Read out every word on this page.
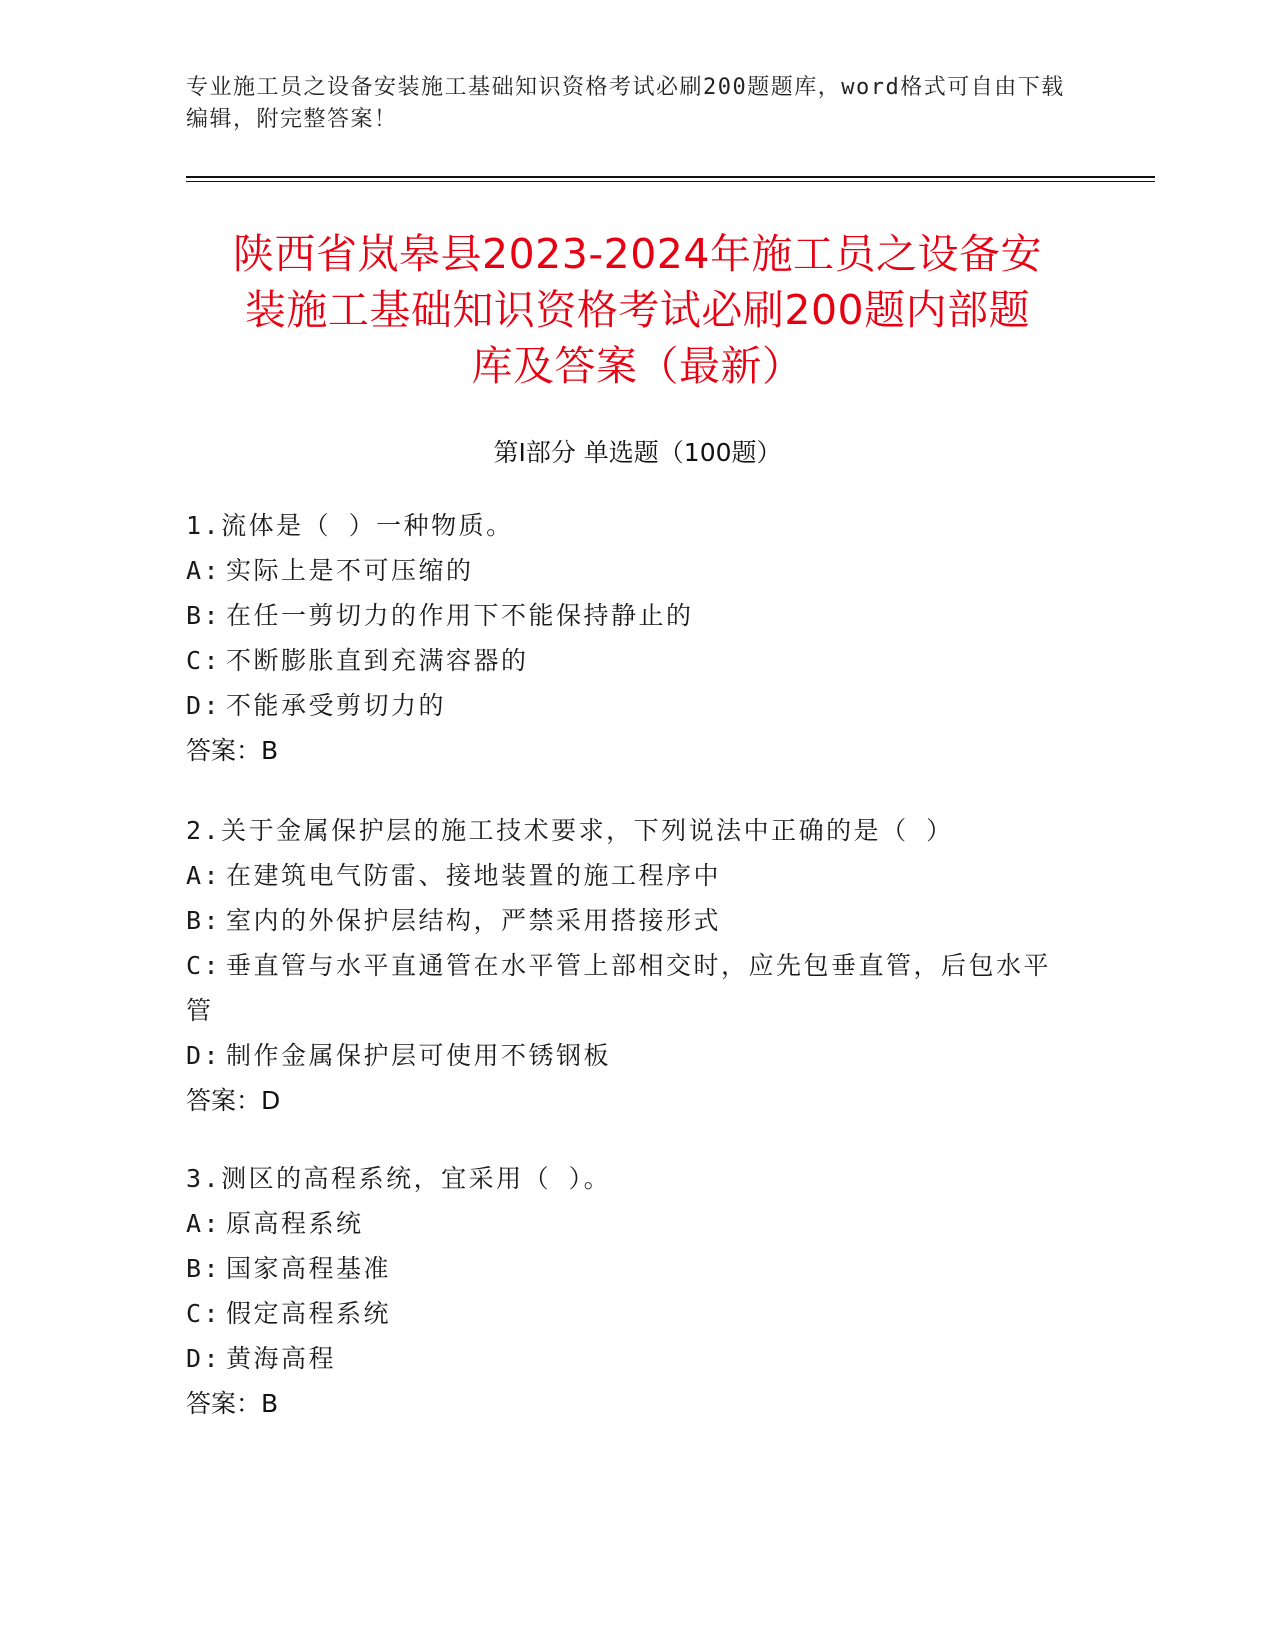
专业施工员之设备安装施工基础知识资格考试必刷200题题库，word格式可自由下载编辑，附完整答案！
陕西省岚皋县2023-2024年施工员之设备安
装施工基础知识资格考试必刷200题内部题
库及答案（最新）
第Ⅰ部分 单选题（100题）

1.流体是（ ）一种物质。

A: 实际上是不可压缩的

B: 在任一剪切力的作用下不能保持静止的

C: 不断膨胀直到充满容器的

D: 不能承受剪切力的

答案：B

2.关于金属保护层的施工技术要求，下列说法中正确的是（ ）

A: 在建筑电气防雷、接地装置的施工程序中

B: 室内的外保护层结构，严禁采用搭接形式

C: 垂直管与水平直通管在水平管上部相交时，应先包垂直管，后包水平管

D: 制作金属保护层可使用不锈钢板

答案：D

3.测区的高程系统，宜采用（ ）。

A: 原高程系统

B: 国家高程基准

C: 假定高程系统

D: 黄海高程

答案：B
